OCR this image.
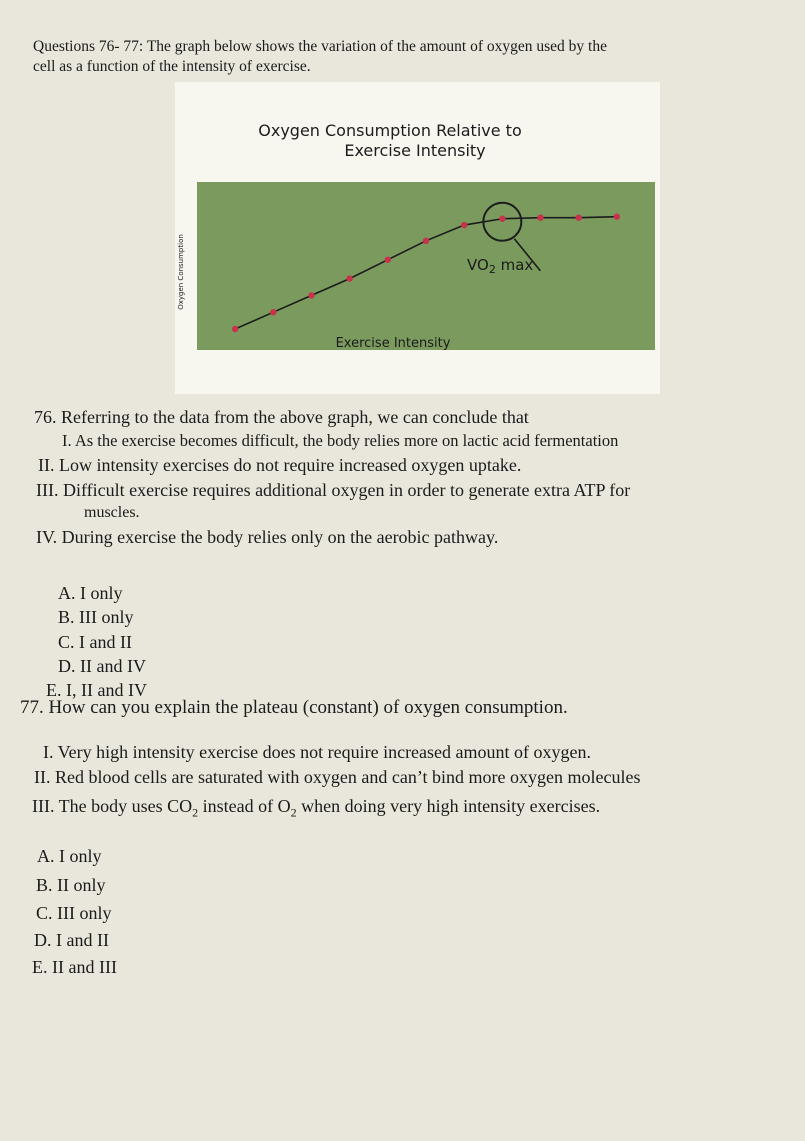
Questions 76- 77: The graph below shows the variation of the amount of oxygen used by the
cell as a function of the intensity of exercise.
Oxygen Consumption Relative to
Exercise Intensity
Oxygen Consumption
Exercise Intensity
$VO_2$ max
76. Referring to the data from the above graph, we can conclude that
I. As the exercise becomes difficult, the body relies more on lactic acid fermentation
II. Low intensity exercises do not require increased oxygen uptake.
III. Difficult exercise requires additional oxygen in order to generate extra ATP for
muscles.
IV. During exercise the body relies only on the aerobic pathway.
A. I only
B. III only
C. I and II
D. II and IV
E. I, II and IV
77. How can you explain the plateau (constant) of oxygen consumption.
I. Very high intensity exercise does not require increased amount of oxygen.
II. Red blood cells are saturated with oxygen and can’t bind more oxygen molecules
III. The body uses $CO_2$ instead of $O_2$ when doing very high intensity exercises.
A. I only
B. II only
C. III only
D. I and II
E. II and III
